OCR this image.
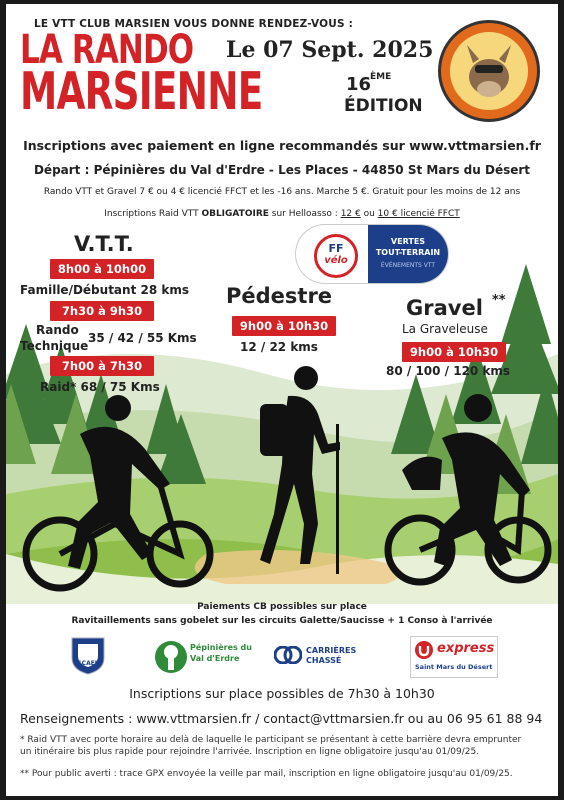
LE VTT CLUB MARSIEN VOUS DONNE RENDEZ-VOUS :
LA RANDO
MARSIENNE
Le 07 Sept. 2025
16
ÈME
ÉDITION
Inscriptions avec paiement en ligne recommandés sur www.vttmarsien.fr
Départ : Pépinières du Val d'Erdre - Les Places - 44850 St Mars du Désert
Rando VTT et Gravel 7 € ou 4 € licencié FFCT et les -16 ans. Marche 5 €. Gratuit pour les moins de 12 ans
Inscriptions Raid VTT OBLIGATOIRE sur Helloasso : 12 € ou 10 € licencié FFCT
FF
vélo
VERTES
TOUT-TERRAIN
ÉVÉNEMENTS VTT
V.T.T.
8h00 à 10h00
Famille/Débutant 28 kms
7h30 à 9h30
Rando
Technique
35 / 42 / 55 Kms
7h00 à 7h30
Raid* 68 / 75 Kms
Pédestre
9h00 à 10h30
12 / 22 kms
Gravel **
La Graveleuse
9h00 à 10h30
80 / 100 / 120 kms
Paiements CB possibles sur place
Ravitaillements sans gobelet sur les circuits Galette/Saucisse + 1 Conso à l'arrivée
SCAEL
Pépinières du Val d'Erdre
CARRIÈRES CHASSÉ
express
Saint Mars du Désert
Inscriptions sur place possibles de 7h30 à 10h30
Renseignements : www.vttmarsien.fr / contact@vttmarsien.fr ou au 06 95 61 88 94
* Raid VTT avec porte horaire au delà de laquelle le participant se présentant à cette barrière devra emprunter
un itinéraire bis plus rapide pour rejoindre l'arrivée. Inscription en ligne obligatoire jusqu'au 01/09/25.
** Pour public averti : trace GPX envoyée la veille par mail, inscription en ligne obligatoire jusqu'au 01/09/25.
